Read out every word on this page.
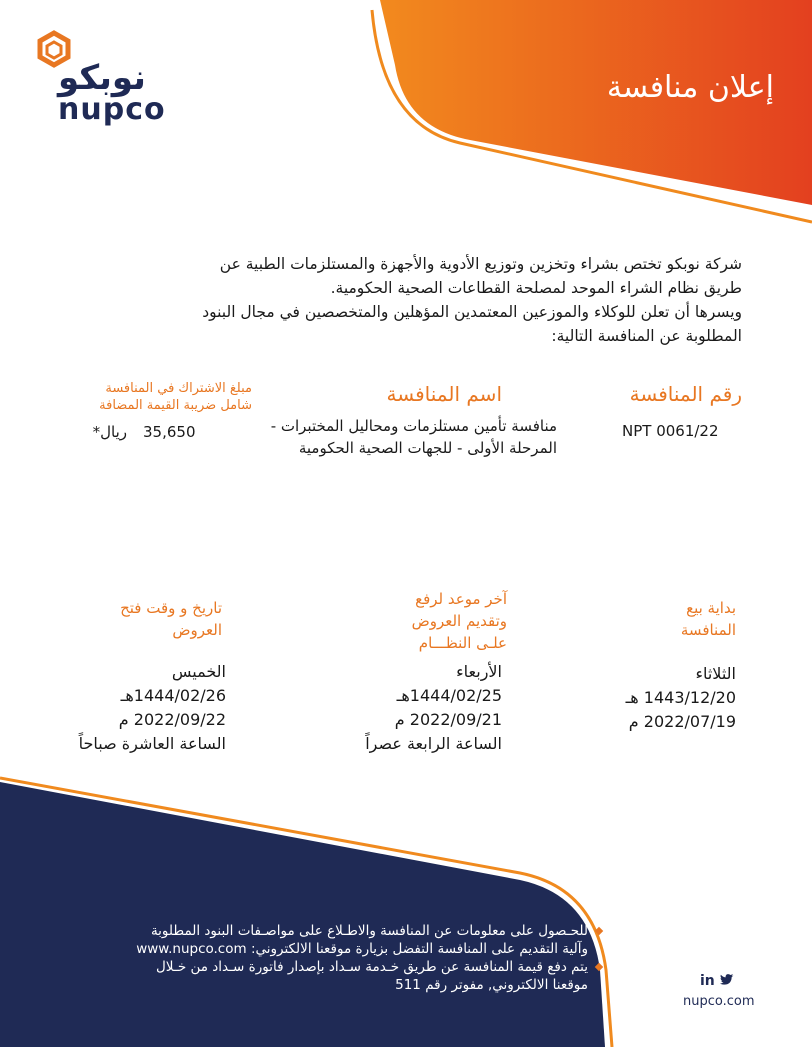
نوبكو
nupco
إعلان منافسة
شركة نوبكو تختص بشراء وتخزين وتوزيع الأدوية والأجهزة والمستلزمات الطبية عن
طريق نظام الشراء الموحد لمصلحة القطاعات الصحية الحكومية.
ويسرها أن تعلن للوكلاء والموزعين المعتمدين المؤهلين والمتخصصين في مجال البنود
المطلوبة عن المنافسة التالية:
رقم المنافسة
NPT 0061/22
اسم المنافسة
منافسة تأمين مستلزمات ومحاليل المختبرات -
المرحلة الأولى - للجهات الصحية الحكومية
مبلغ الاشتراك في المنافسة
شامل ضريبة القيمة المضافة
35,650
ريال*
بداية بيع
المنافسة
الثلاثاء
1443/12/20 هـ
2022/07/19 م
آخر موعد لرفع
وتقديم العروض
علـى النظـــام
الأربعاء
1444/02/25هـ
2022/09/21 م
الساعة الرابعة عصراً
تاريخ و وقت فتح
العروض
الخميس
1444/02/26هـ
2022/09/22 م
الساعة العاشرة صباحاً
للحـصول على معلومات عن المنافسة والاطـلاع على مواصـفات البنود المطلوبة
وآلية التقديم على المنافسة التفضل بزيارة موقعنا الالكتروني: www.nupco.com
يتم دفع قيمة المنافسة عن طريق خـدمة سـداد بإصدار فاتورة سـداد من خـلال
موقعنا الالكتروني, مفوتر رقم 511	in
nupco.com
